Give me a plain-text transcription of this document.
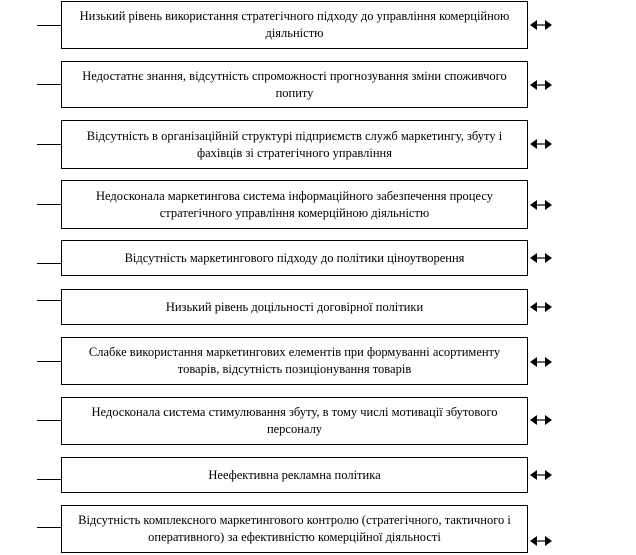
Низький рівень використання стратегічного підходу до управління комерційною діяльністю
Недостатнє знання, відсутність спроможності прогнозування зміни споживчого попиту
Відсутність в організаційній структурі підприємств служб маркетингу, збуту і фахівців зі стратегічного управління
Недосконала маркетингова система інформаційного забезпечення процесу стратегічного управління комерційною діяльністю
Відсутність маркетингового підходу до політики ціноутворення
Низький рівень доцільності договірної політики
Слабке використання маркетингових елементів при формуванні асортименту товарів, відсутність позиціонування товарів
Недосконала система стимулювання збуту, в тому числі мотивації збутового персоналу
Неефективна рекламна політика
Відсутність комплексного маркетингового контролю (стратегічного, тактичного і оперативного) за ефективністю комерційної діяльності
